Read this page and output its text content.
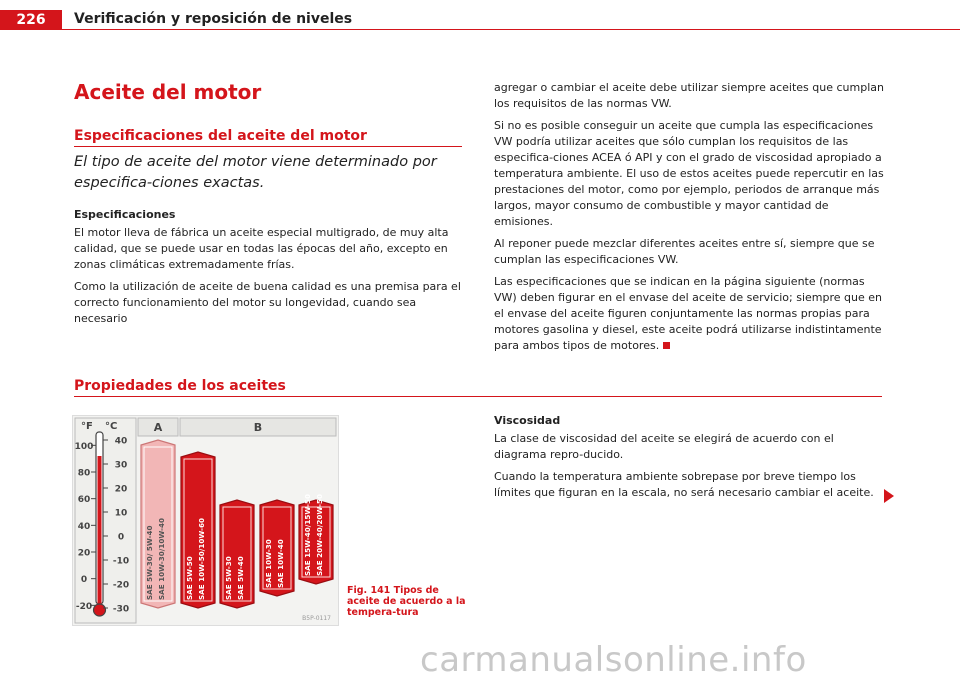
226	Verificación y reposición de niveles
Aceite del motor
Especificaciones del aceite del motor
El tipo de aceite del motor viene determinado por especifica-ciones exactas.

Especificaciones

El motor lleva de fábrica un aceite especial multigrado, de muy alta calidad, que se puede usar en todas las épocas del año, excepto en zonas climáticas extremadamente frías.

Como la utilización de aceite de buena calidad es una premisa para el correcto funcionamiento del motor su longevidad, cuando sea necesario

agregar o cambiar el aceite debe utilizar siempre aceites que cumplan los requisitos de las normas VW.

Si no es posible conseguir un aceite que cumpla las especificaciones VW podría utilizar aceites que sólo cumplan los requisitos de las especifica-ciones ACEA ó API y con el grado de viscosidad apropiado a temperatura ambiente. El uso de estos aceites puede repercutir en las prestaciones del motor, como por ejemplo, periodos de arranque más largos, mayor consumo de combustible y mayor cantidad de emisiones.

Al reponer puede mezclar diferentes aceites entre sí, siempre que se cumplan las especificaciones VW.

Las especificaciones que se indican en la página siguiente (normas VW) deben figurar en el envase del aceite de servicio; siempre que en el envase del aceite figuren conjuntamente las normas propias para motores gasolina y diesel, este aceite podrá utilizarse indistintamente para ambos tipos de motores.

Propiedades de los aceites

Viscosidad

La clase de viscosidad del aceite se elegirá de acuerdo con el diagrama repro-ducido.

Cuando la temperatura ambiente sobrepase por breve tiempo los límites que figuran en la escala, no será necesario cambiar el aceite.

°F °C
100
80
60
40
20
0
-20
40
30
20
10
0
-10
-20
-30
A	B
SAE 5W-30/ 5W-40 SAE 10W-30/10W-40	SAE 5W-50 SAE 10W-50/10W-60	SAE 5W-30 SAE 5W-40	SAE 10W-30 SAE 10W-40	SAE 15W-40/15W-50 SAE 20W-40/20W-50
B5P-0117
Fig. 141 Tipos de aceite de acuerdo a la tempera-tura
carmanualsonline.info
